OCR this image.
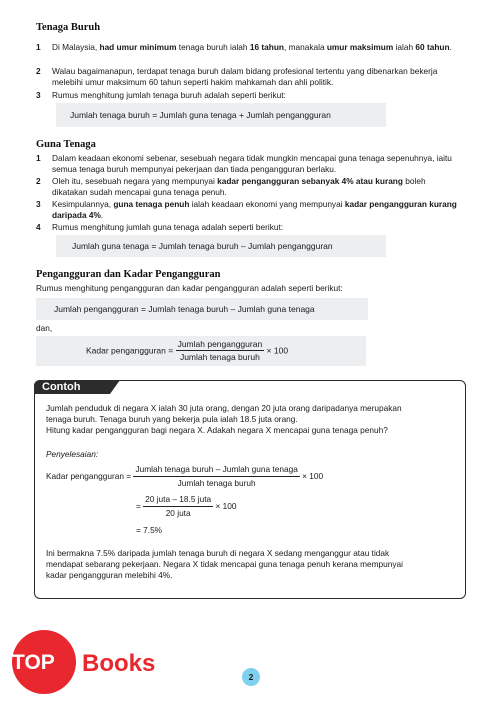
Tenaga Buruh
1 Di Malaysia, had umur minimum tenaga buruh ialah 16 tahun, manakala umur maksimum ialah 60 tahun.
2 Walau bagaimanapun, terdapat tenaga buruh dalam bidang profesional tertentu yang dibenarkan bekerja melebihi umur maksimum 60 tahun seperti hakim mahkamah dan ahli politik.
3 Rumus menghitung jumlah tenaga buruh adalah seperti berikut:
Jumlah tenaga buruh = Jumlah guna tenaga + Jumlah pengangguran
Guna Tenaga
1 Dalam keadaan ekonomi sebenar, sesebuah negara tidak mungkin mencapai guna tenaga sepenuhnya, iaitu semua tenaga buruh mempunyai pekerjaan dan tiada pengangguran berlaku.
2 Oleh itu, sesebuah negara yang mempunyai kadar pengangguran sebanyak 4% atau kurang boleh dikatakan sudah mencapai guna tenaga penuh.
3 Kesimpulannya, guna tenaga penuh ialah keadaan ekonomi yang mempunyai kadar pengangguran kurang daripada 4%.
4 Rumus menghitung jumlah guna tenaga adalah seperti berikut:
Jumlah guna tenaga = Jumlah tenaga buruh – Jumlah pengangguran
Pengangguran dan Kadar Pengangguran
Rumus menghitung pengangguran dan kadar pengangguran adalah seperti berikut:
Jumlah pengangguran = Jumlah tenaga buruh – Jumlah guna tenaga
dan,
Kadar pengangguran = $\frac{\text{Jumlah pengangguran}}{\text{Jumlah tenaga buruh}} \times 100$
Contoh
Jumlah penduduk di negara X ialah 30 juta orang, dengan 20 juta orang daripadanya merupakan
tenaga buruh. Tenaga buruh yang bekerja pula ialah 18.5 juta orang.
Hitung kadar pengangguran bagi negara X. Adakah negara X mencapai guna tenaga penuh?
Penyelesaian:
Kadar pengangguran = $\frac{\text{Jumlah tenaga buruh – Jumlah guna tenaga}}{\text{Jumlah tenaga buruh}} \times 100$
= $\frac{\text{20 juta – 18.5 juta}}{\text{20 juta}} \times 100$
= 7.5%
Ini bermakna 7.5% daripada jumlah tenaga buruh di negara X sedang menganggur atau tidak
mendapat sebarang pekerjaan. Negara X tidak mencapai guna tenaga penuh kerana mempunyai
kadar pengangguran melebihi 4%.
TOP Books	2
